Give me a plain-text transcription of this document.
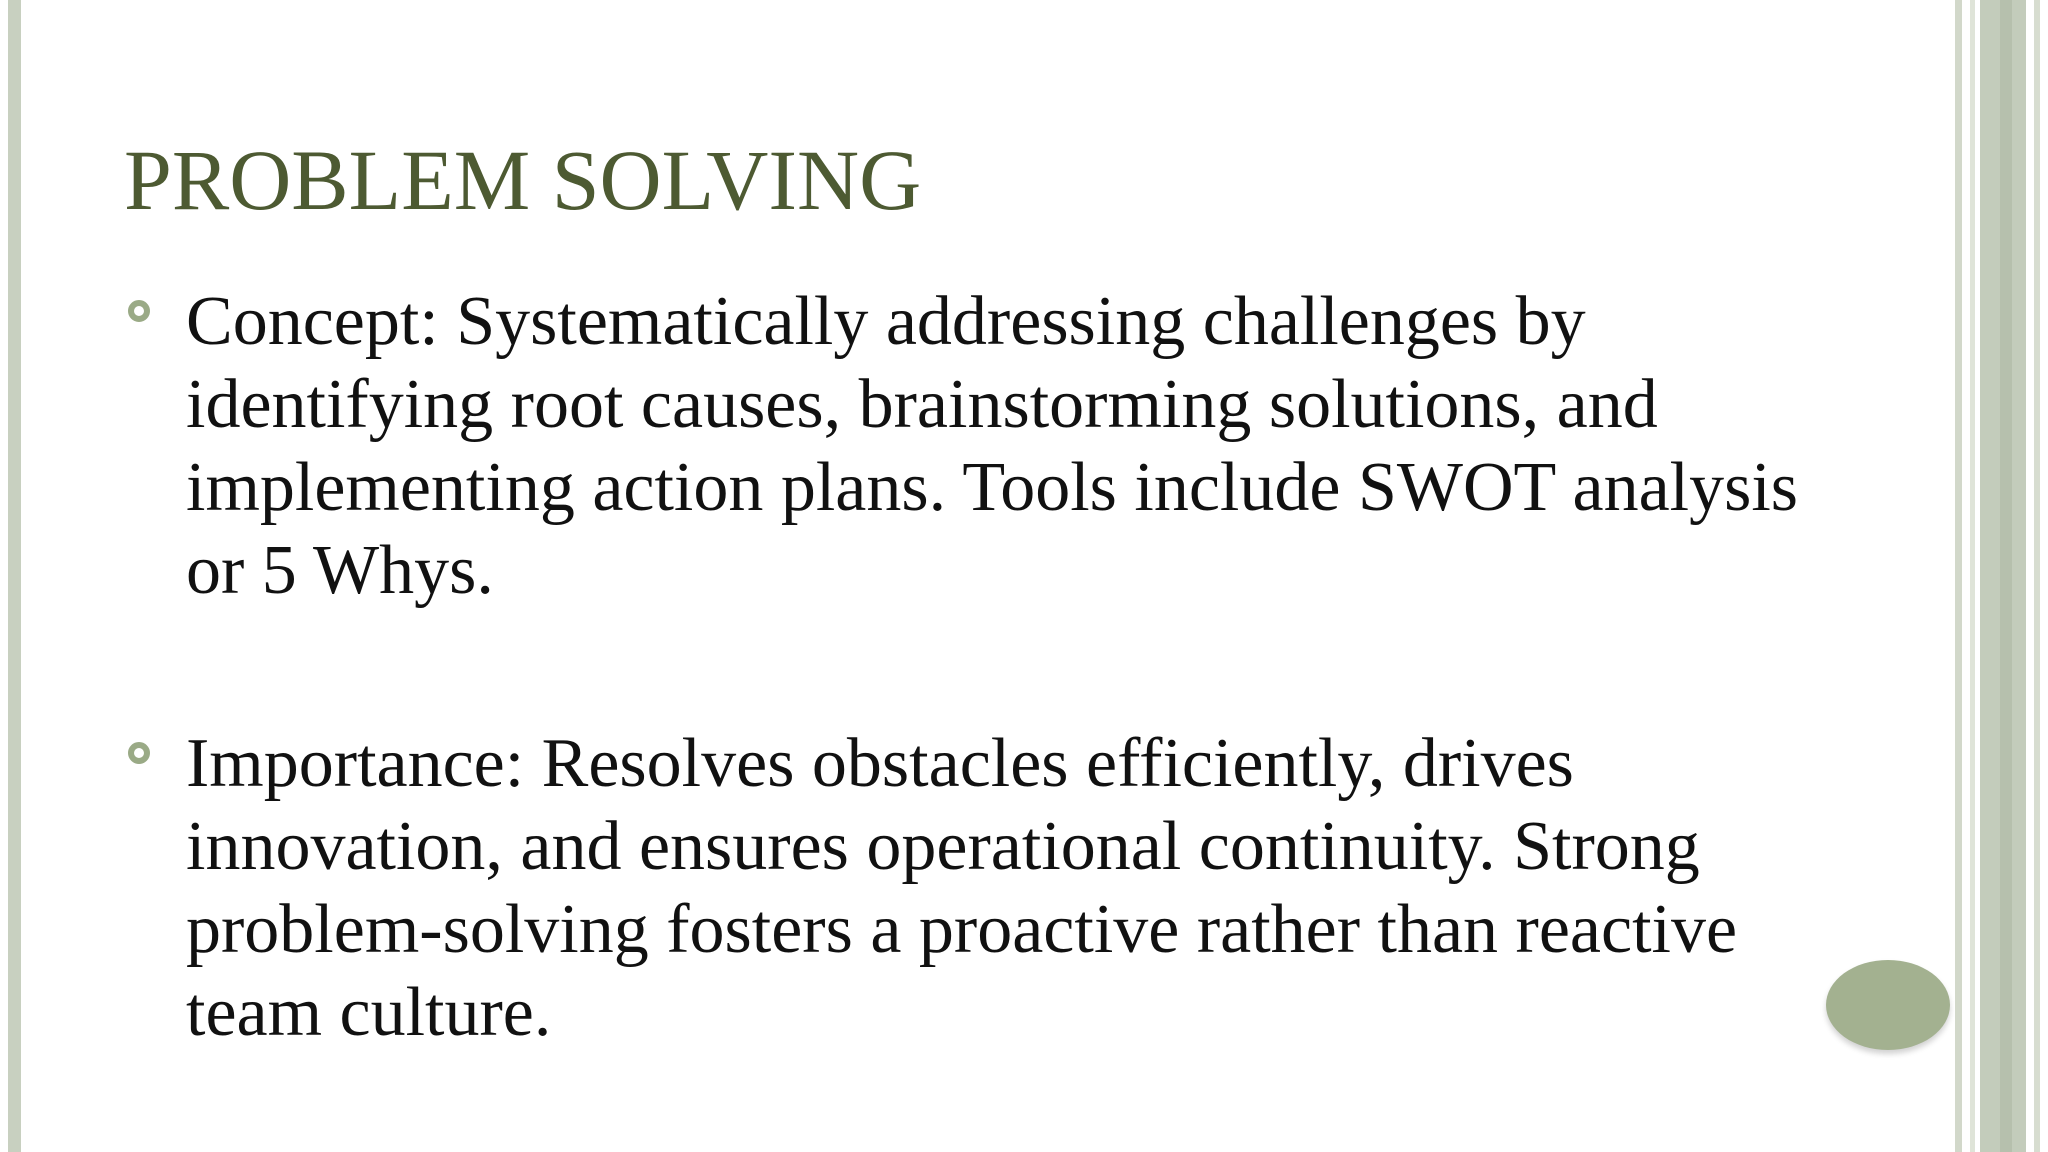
PROBLEM SOLVING
Concept: Systematically addressing challenges by identifying root causes, brainstorming solutions, and implementing action plans. Tools include SWOT analysis or 5 Whys.
Importance: Resolves obstacles efficiently, drives innovation, and ensures operational continuity. Strong problem-solving fosters a proactive rather than reactive team culture.
